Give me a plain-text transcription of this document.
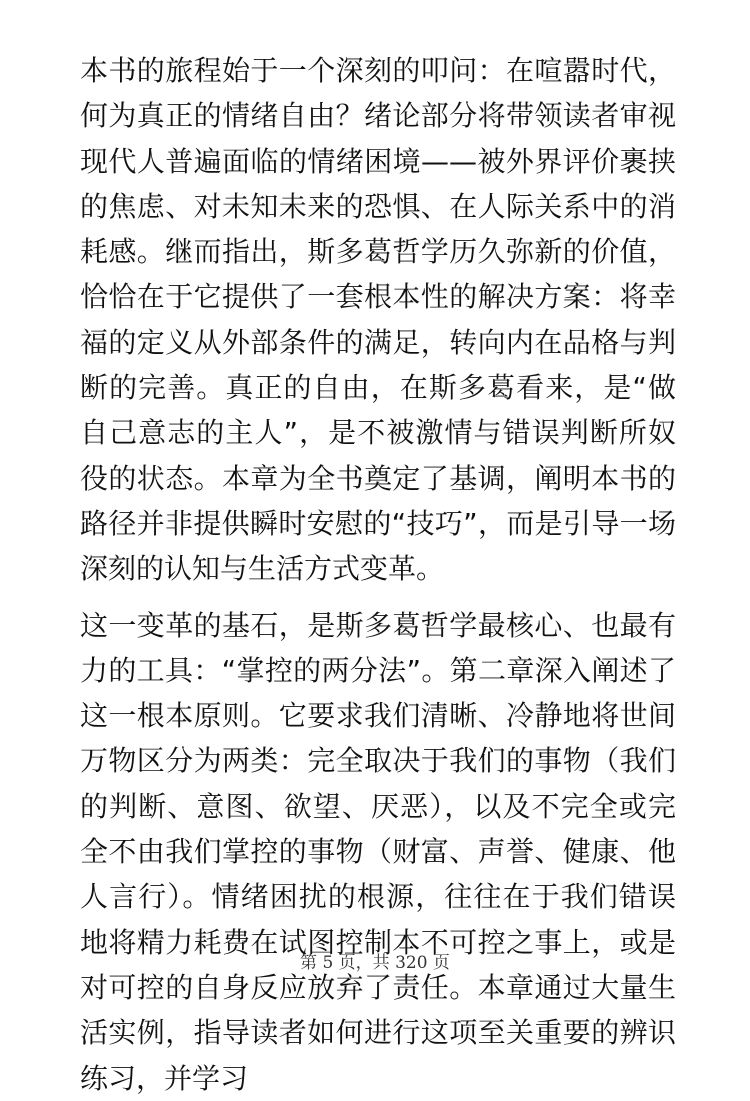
本书的旅程始于一个深刻的叩问：在喧嚣时代，何为真正的情绪自由？绪论部分将带领读者审视现代人普遍面临的情绪困境——被外界评价裹挟的焦虑、对未知未来的恐惧、在人际关系中的消耗感。继而指出，斯多葛哲学历久弥新的价值，恰恰在于它提供了一套根本性的解决方案：将幸福的定义从外部条件的满足，转向内在品格与判断的完善。真正的自由，在斯多葛看来，是“做自己意志的主人”，是不被激情与错误判断所奴役的状态。本章为全书奠定了基调，阐明本书的路径并非提供瞬时安慰的“技巧”，而是引导一场深刻的认知与生活方式变革。

这一变革的基石，是斯多葛哲学最核心、也最有力的工具：“掌控的两分法”。第二章深入阐述了这一根本原则。它要求我们清晰、冷静地将世间万物区分为两类：完全取决于我们的事物（我们的判断、意图、欲望、厌恶），以及不完全或完全不由我们掌控的事物（财富、声誉、健康、他人言行）。情绪困扰的根源，往往在于我们错误地将精力耗费在试图控制本不可控之事上，或是对可控的自身反应放弃了责任。本章通过大量生活实例，指导读者如何进行这项至关重要的辨识练习，并学习

第 5 页，共 320 页
